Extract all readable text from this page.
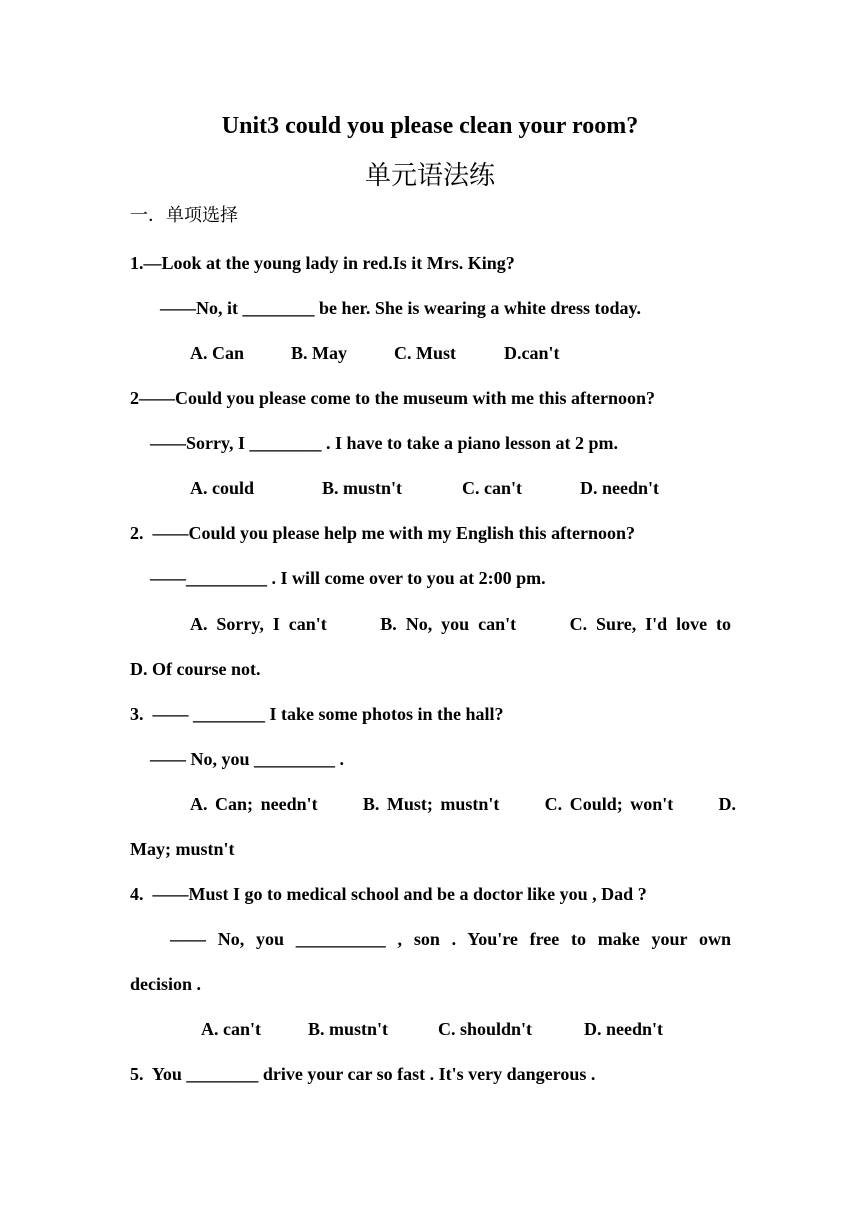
Unit3 could you please clean your room?
单元语法练
一．单项选择
1.—Look at the young lady in red.Is it Mrs. King?
——No, it ________ be her. She is wearing a white dress today.
A. Can	B. May	C. Must	D.can't
2——Could you please come to the museum with me this afternoon?
——Sorry, I ________ . I have to take a piano lesson at 2 pm.
A. could	B. mustn't	C. can't	D. needn't
2.  ——Could you please help me with my English this afternoon?
——_________ . I will come over to you at 2:00 pm.
A. Sorry, I can't      B. No, you can't      C. Sure, I'd love to
D. Of course not.
3.  —— ________ I take some photos in the hall?
—— No, you _________ .
A. Can; needn't      B. Must; mustn't      C. Could; won't      D.
May; mustn't
4.  ——Must I go to medical school and be a doctor like you , Dad ?
—— No, you __________ , son . You're free to make your own
decision .
A. can't	B. mustn't	C. shouldn't	D. needn't
5.  You ________ drive your car so fast . It's very dangerous .
